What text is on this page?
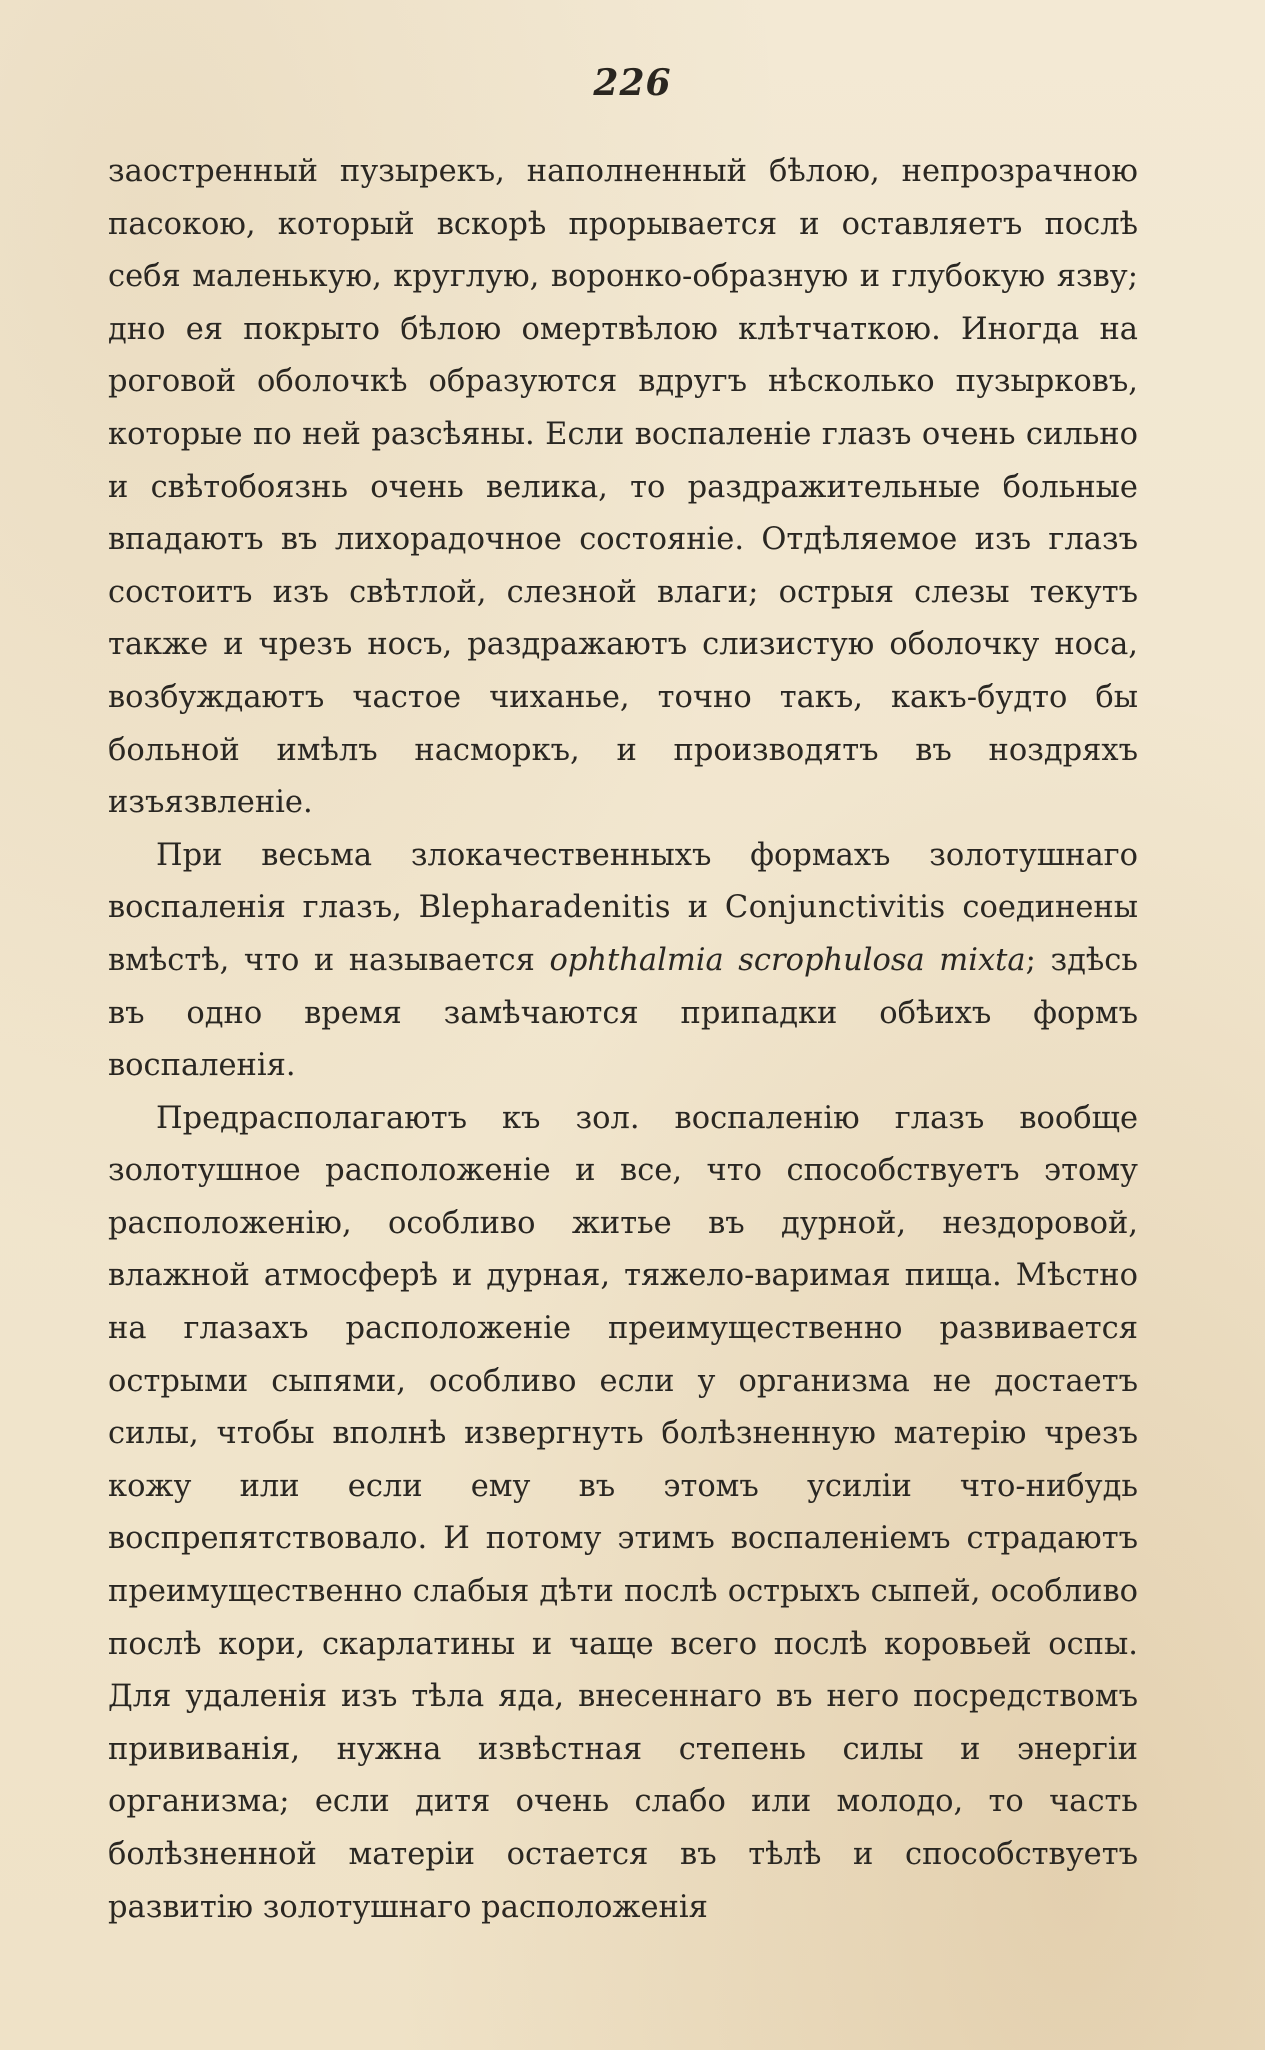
226

заостренный пузырекъ, наполненный бѣлою, непрозрачною пасокою, который вскорѣ прорывается и оставляетъ послѣ себя маленькую, круглую, воронко-образную и глубокую язву; дно ея покрыто бѣлою омертвѣлою клѣтчаткою. Иногда на роговой оболочкѣ образуются вдругъ нѣсколько пузырковъ, которые по ней разсѣяны. Если воспаленіе глазъ очень сильно и свѣтобоязнь очень велика, то раздражительные больные впадаютъ въ лихорадочное состояніе. Отдѣляемое изъ глазъ состоитъ изъ свѣтлой, слезной влаги; острыя слезы текутъ также и чрезъ носъ, раздражаютъ слизистую оболочку носа, возбуждаютъ частое чиханье, точно такъ, какъ-будто бы больной имѣлъ насморкъ, и производятъ въ ноздряхъ изъязвленіе.

При весьма злокачественныхъ формахъ золотушнаго воспаленія глазъ, Blepharadenitis и Conjunctivitis соединены вмѣстѣ, что и называется ophthalmia scrophulosa mixta; здѣсь въ одно время замѣчаются припадки обѣихъ формъ воспаленія.

Предрасполагаютъ къ зол. воспаленію глазъ вообще золотушное расположеніе и все, что способствуетъ этому расположенію, особливо житье въ дурной, нездоровой, влажной атмосферѣ и дурная, тяжело-варимая пища. Мѣстно на глазахъ расположеніе преимущественно развивается острыми сыпями, особливо если у организма не достаетъ силы, чтобы вполнѣ извергнуть болѣзненную матерію чрезъ кожу или если ему въ этомъ усиліи что-нибудь воспрепятствовало. И потому этимъ воспаленіемъ страдаютъ преимущественно слабыя дѣти послѣ острыхъ сыпей, особливо послѣ кори, скарлатины и чаще всего послѣ коровьей оспы. Для удаленія изъ тѣла яда, внесеннаго въ него посредствомъ прививанія, нужна извѣстная степень силы и энергіи организма; если дитя очень слабо или молодо, то часть болѣзненной матеріи остается въ тѣлѣ и способствуетъ развитію золотушнаго расположенія
